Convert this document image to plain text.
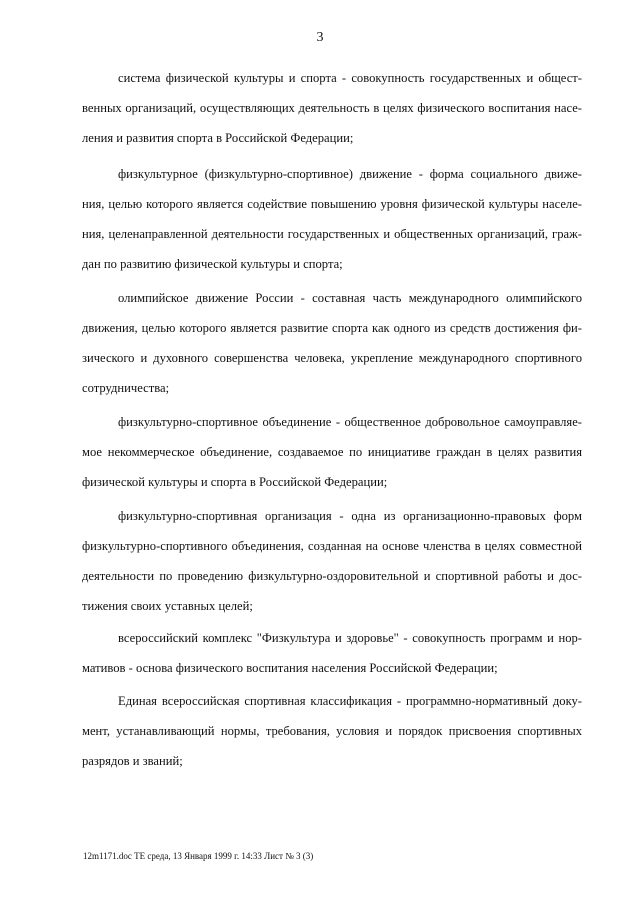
3
система физической культуры и спорта - совокупность государственных и общест-
венных организаций, осуществляющих деятельность в целях физического воспитания насе-
ления и развития спорта в Российской Федерации;
физкультурное (физкультурно-спортивное) движение - форма социального движе-
ния, целью которого является содействие повышению уровня физической культуры населе-
ния, целенаправленной деятельности государственных и общественных организаций, граж-
дан по развитию физической культуры и спорта;
олимпийское движение России - составная часть международного олимпийского
движения, целью которого является развитие спорта как одного из средств достижения фи-
зического и духовного совершенства человека, укрепление международного спортивного
сотрудничества;
физкультурно-спортивное объединение - общественное добровольное самоуправляе-
мое некоммерческое объединение, создаваемое по инициативе граждан в целях развития
физической культуры и спорта в Российской Федерации;
физкультурно-спортивная организация - одна из организационно-правовых форм
физкультурно-спортивного объединения, созданная на основе членства в целях совместной
деятельности по проведению физкультурно-оздоровительной и спортивной работы и дос-
тижения своих уставных целей;
всероссийский комплекс "Физкультура и здоровье" - совокупность программ и нор-
мативов - основа физического воспитания населения Российской Федерации;
Единая всероссийская спортивная классификация - программно-нормативный доку-
мент, устанавливающий нормы, требования, условия и порядок присвоения спортивных
разрядов и званий;
12m1171.doc ТЕ среда, 13 Января 1999 г. 14:33 Лист № 3 (3)
